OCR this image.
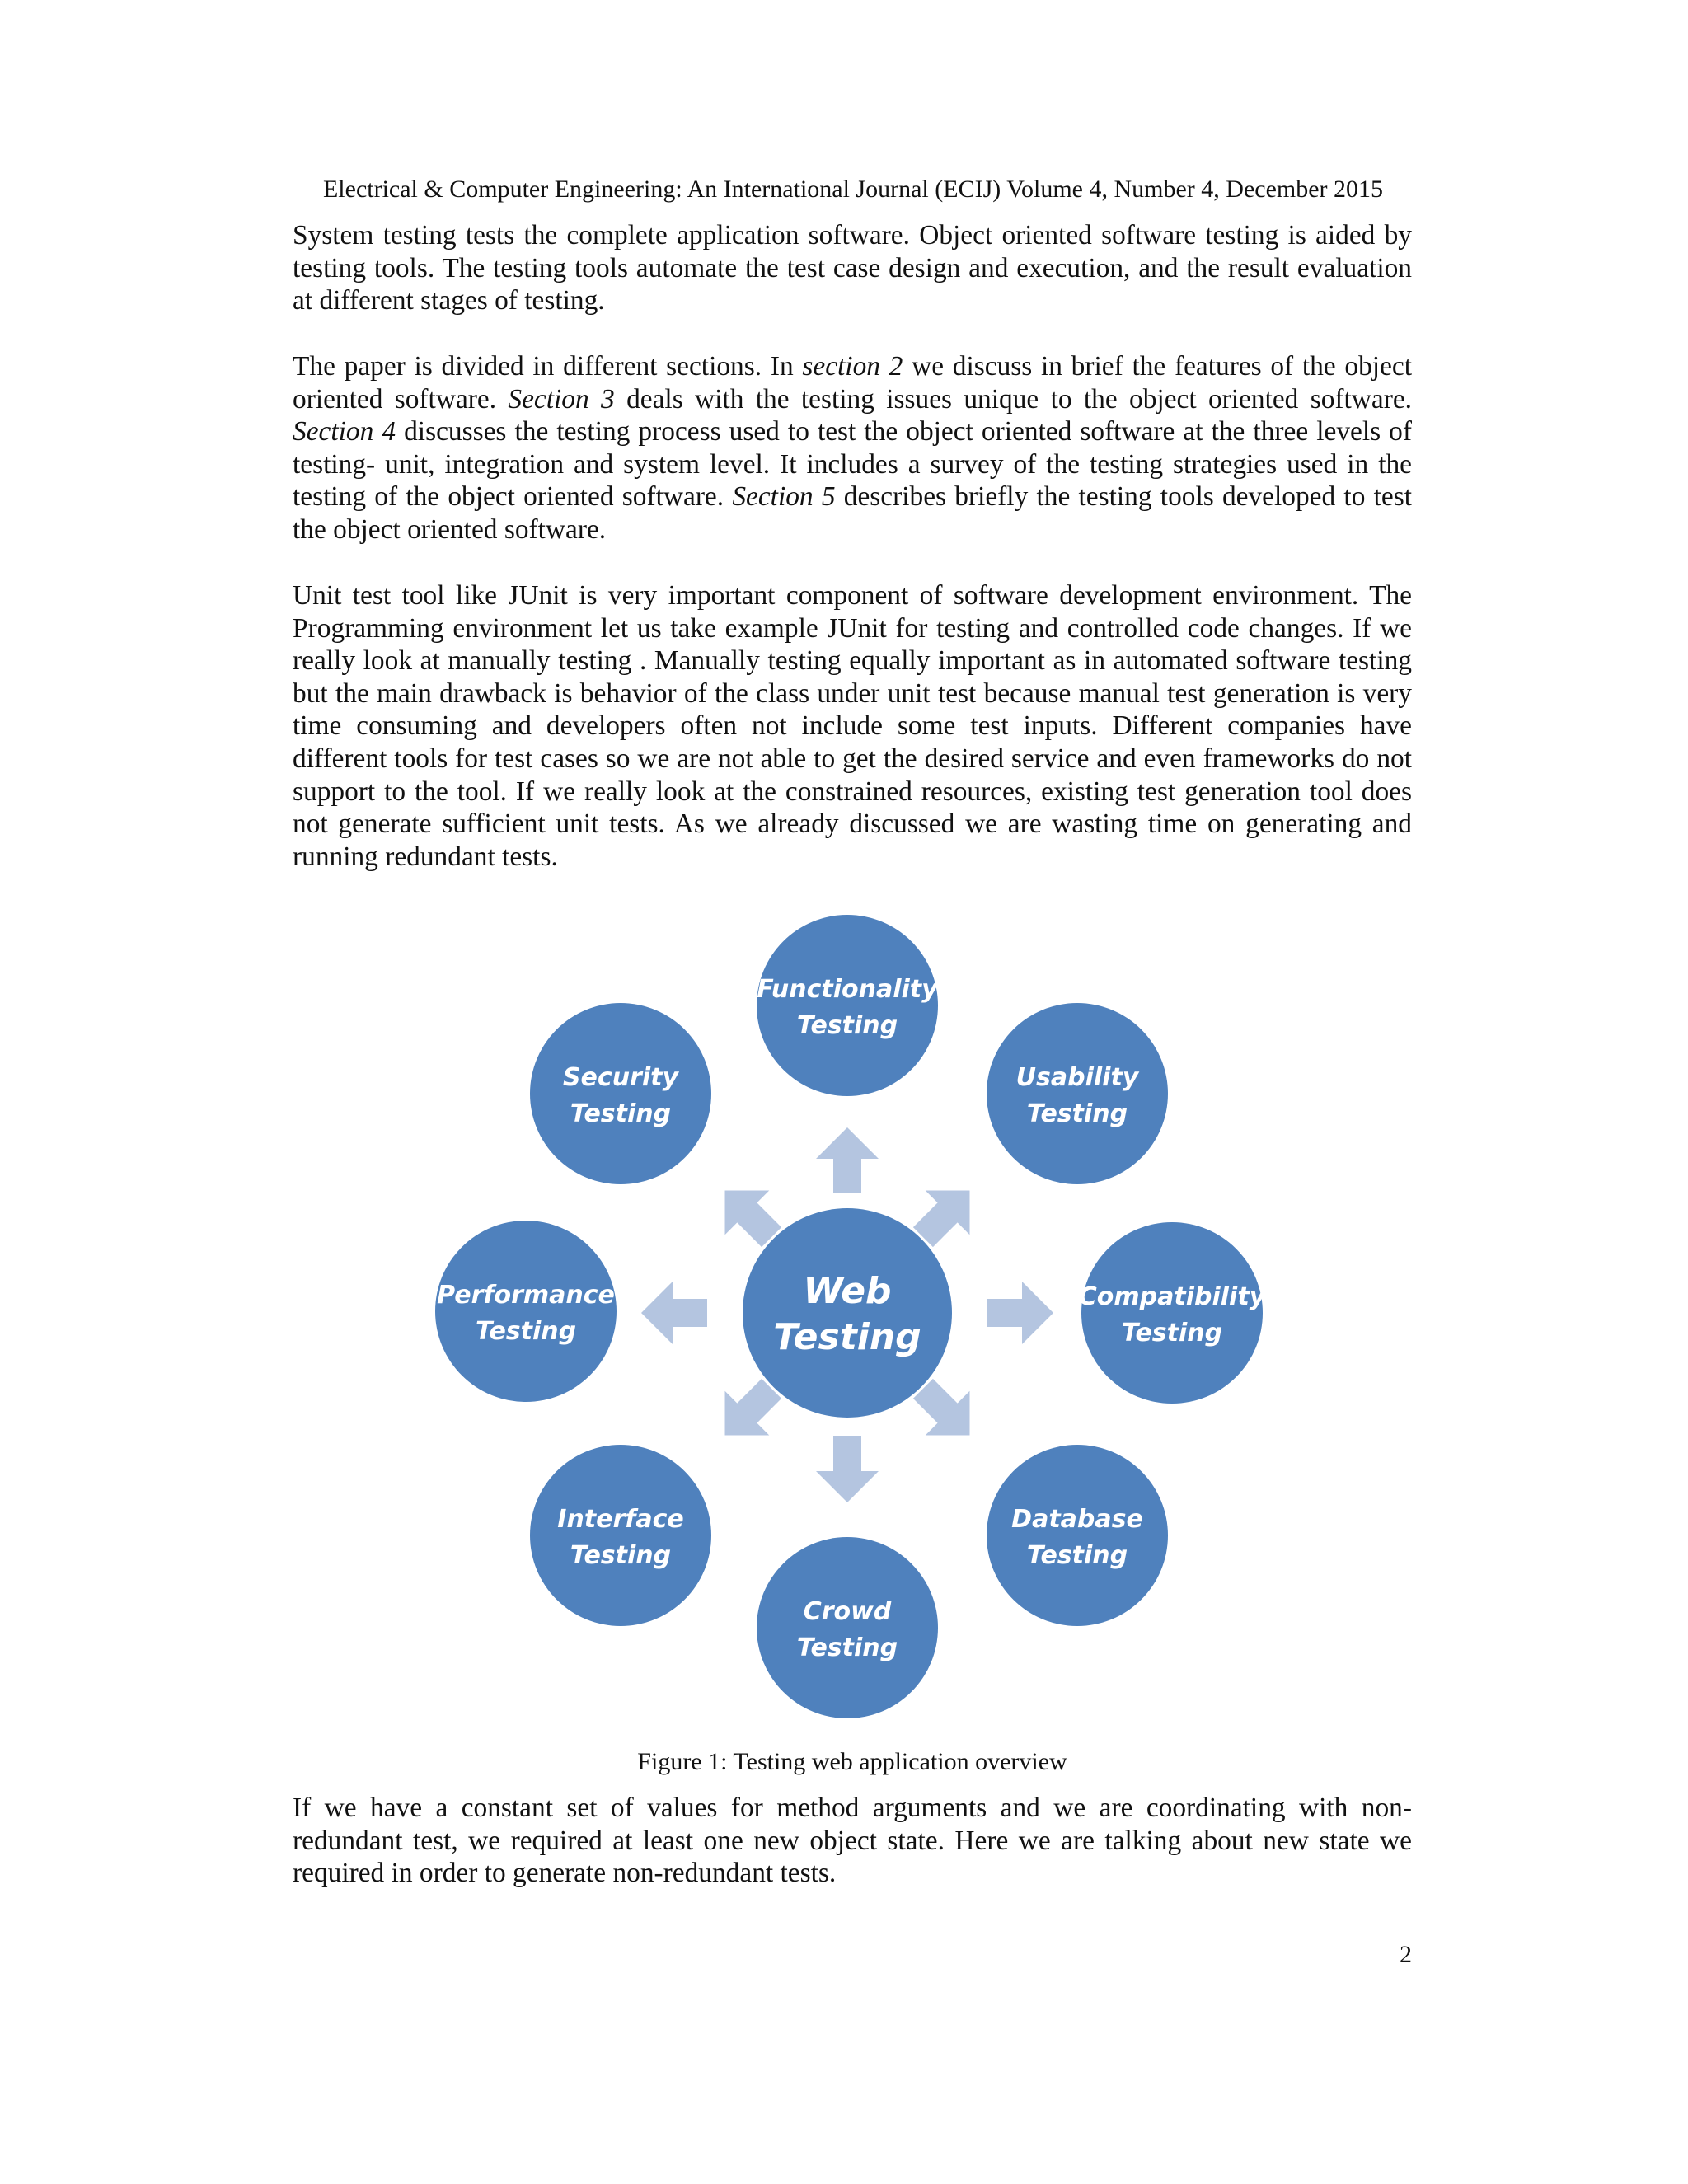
Electrical & Computer Engineering: An International Journal (ECIJ) Volume 4, Number 4, December 2015

System testing tests the complete application software. Object oriented software testing is aided by testing tools. The testing tools automate the test case design and execution, and the result evaluation at different stages of testing.

The paper is divided in different sections. In section 2 we discuss in brief the features of the object oriented software. Section 3 deals with the testing issues unique to the object oriented software. Section 4 discusses the testing process used to test the object oriented software at the three levels of testing- unit, integration and system level. It includes a survey of the testing strategies used in the testing of the object oriented software. Section 5 describes briefly the testing tools developed to test the object oriented software.

Unit test tool like JUnit is very important component of software development environment. The Programming environment let us take example JUnit for testing and controlled code changes. If we really look at manually testing . Manually testing equally important as in automated software testing but the main drawback is behavior of the class under unit test because manual test generation is very time consuming and developers often not include some test inputs. Different companies have different tools for test cases so we are not able to get the desired service and even frameworks do not support to the tool. If we really look at the constrained resources, existing test generation tool does not generate sufficient unit tests. As we already discussed we are wasting time on generating and running redundant tests.

Web
Testing
Functionality
Testing
Usability
Testing
Compatibility
Testing
Database
Testing
Crowd
Testing
Interface
Testing
Performance
Testing
Security
Testing
Figure 1: Testing web application overview

If we have a constant set of values for method arguments and we are coordinating with non-redundant test, we required at least one new object state. Here we are talking about new state we required in order to generate non-redundant tests.

2
